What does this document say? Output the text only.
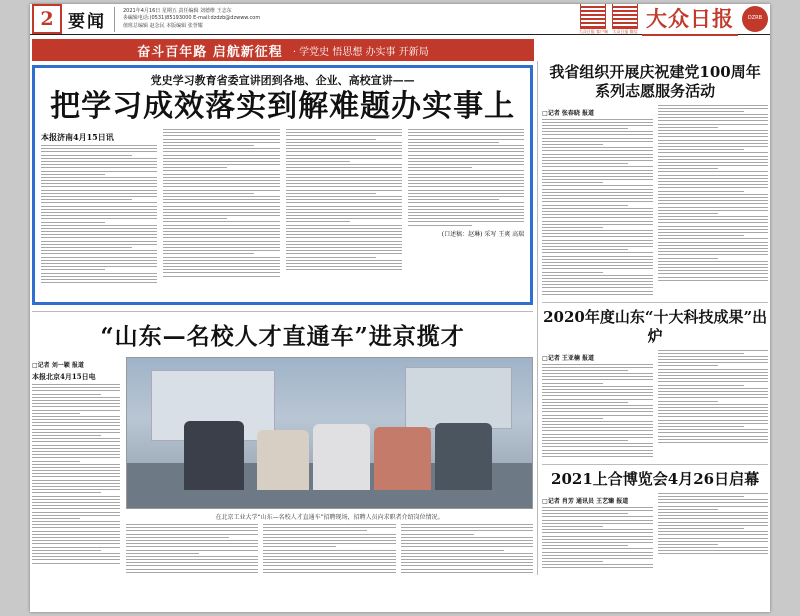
2 要闻
2021年4月16日 星期五 责任编辑 刘德维 王志东
총編辑电话:(0531)85193000 E-mail:dzdzb@dzwww.com
值班总编辑 赵念民 本版编辑 张誉耀
大众日报 客户端 大众日报 微信
大众日报	DZRB
奋斗百年路 启航新征程 · 学党史 悟思想 办实事 开新局
党史学习教育省委宣讲团到各地、企业、高校宣讲——
把学习成效落实到解难题办实事上
本报济南4月15日讯
(口述稿：赵琳) 采写 王爽 高瑞
“山东—名校人才直通车”进京揽才
□记者 刘一颖 报道
本报北京4月15日电
在北京工业大学“山东—名校人才直通车”招聘现场，招聘人员向求职者介绍岗位情况。
我省组织开展庆祝建党100周年系列志愿服务活动
□记者 张春晓 报道
2020年度山东“十大科技成果”出炉
□记者 王亚楠 报道
2021上合博览会4月26日启幕
□记者 肖芳 通讯员 王艺臻 报道
